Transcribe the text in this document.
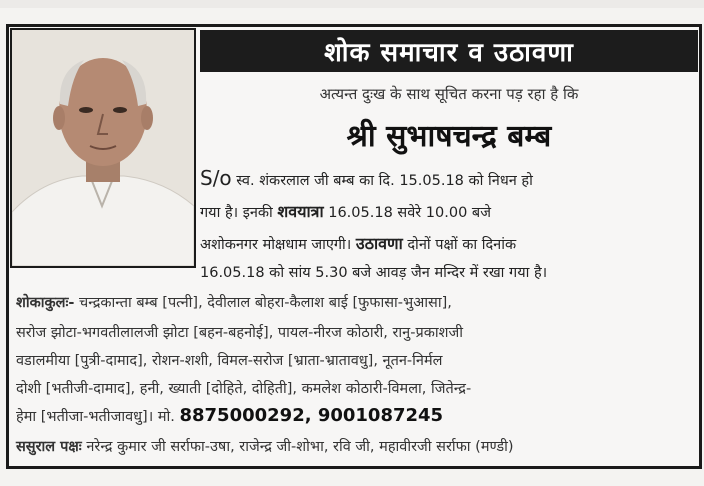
शोक समाचार व उठावणा
अत्यन्त दुःख के साथ सूचित करना पड़ रहा है कि
श्री सुभाषचन्द्र बम्ब
S/o स्व. शंकरलाल जी बम्ब का दि. 15.05.18 को निधन हो
गया है। इनकी शवयात्रा 16.05.18 सवेरे 10.00 बजे
अशोकनगर मोक्षधाम जाएगी। उठावणा दोनों पक्षों का दिनांक
16.05.18 को सांय 5.30 बजे आवड़ जैन मन्दिर में रखा गया है।
शोकाकुलः- चन्द्रकान्ता बम्ब [पत्नी], देवीलाल बोहरा-कैलाश बाई [फुफासा-भुआसा],
सरोज झोटा-भगवतीलालजी झोटा [बहन-बहनोई], पायल-नीरज कोठारी, रानु-प्रकाशजी
वडालमीया [पुत्री-दामाद], रोशन-शशी, विमल-सरोज [भ्राता-भ्रातावधु], नूतन-निर्मल
दोशी [भतीजी-दामाद], हनी, ख्याती [दोहिते, दोहिती], कमलेश कोठारी-विमला, जितेन्द्र-
हेमा [भतीजा-भतीजावधु]। मो. 8875000292, 9001087245
ससुराल पक्षः नरेन्द्र कुमार जी सर्राफा-उषा, राजेन्द्र जी-शोभा, रवि जी, महावीरजी सर्राफा (मण्डी)
